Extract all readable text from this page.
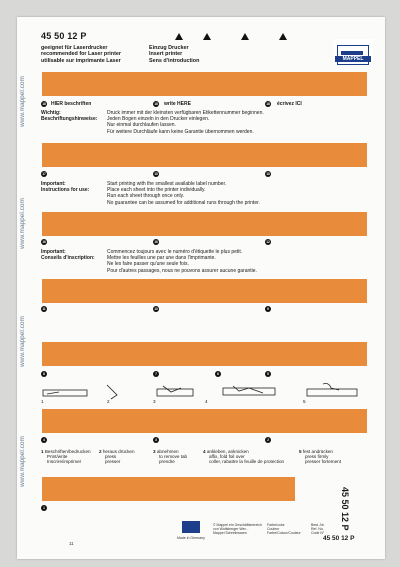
www.mappel.com
www.mappel.com
www.mappel.com
www.mappel.com
45 50 12 P
geeignet für Laserdrucker
recommended for Laser printer
utilisable sur imprimante Laser
Einzug Drucker
Insert printer
Sens d'introduction	MAPPEL
18 HIER beschriften	18 write HERE	18 écrivez ICI
Wichtig:
Beschriftungshinweise:
Druck immer mit der kleinsten verfügbaren Etikettennummer beginnen.
Jeden Bogen einzeln in den Drucker einlegen.
Nur einmal durchlaufen lassen.
Für weitere Durchläufe kann keine Garantie übernommen werden.
17	15	15
Important:
Instructions for use:
Start printing with the smallest available label number.
Place each sheet into the printer individually.
Run each sheet through once only.
No guarantee can be assumed for additional runs through the printer.
16	16	12
Important:
Conseils d'inscription:
Commencez toujours avec le numéro d'étiquette le plus petit.
Mettre les feuilles une par une dans l'imprimante.
Ne les faire passer qu'une seule fois.
Pour d'autres passages, nous ne pouvons assurer aucune garantie.
11	10	9
8	7	6	5
1	2	3	4	5
4	3	2
1 Beschriften/bedrucken
Print/write
Inscrire/imprimer
2 heraus drücken
press
presser
3 abnehmen
to remove tab
prendre
4 ankleben, anknicken
affix, fold foil over
coller, rabattre la feuille de protection
5 fest andrücken
press firmly
presser fortement
1	45 50 12 P
11
Made in Germany
© Mappel ein Geschäftsbereich
von Wolfsberger Wer...
Mappel Schreibwaren
Farbe/color
Couleur
Farbe/Colour/Couleur
Best.-Nr.
Ref. No.
Code N°
45 50 12 P
